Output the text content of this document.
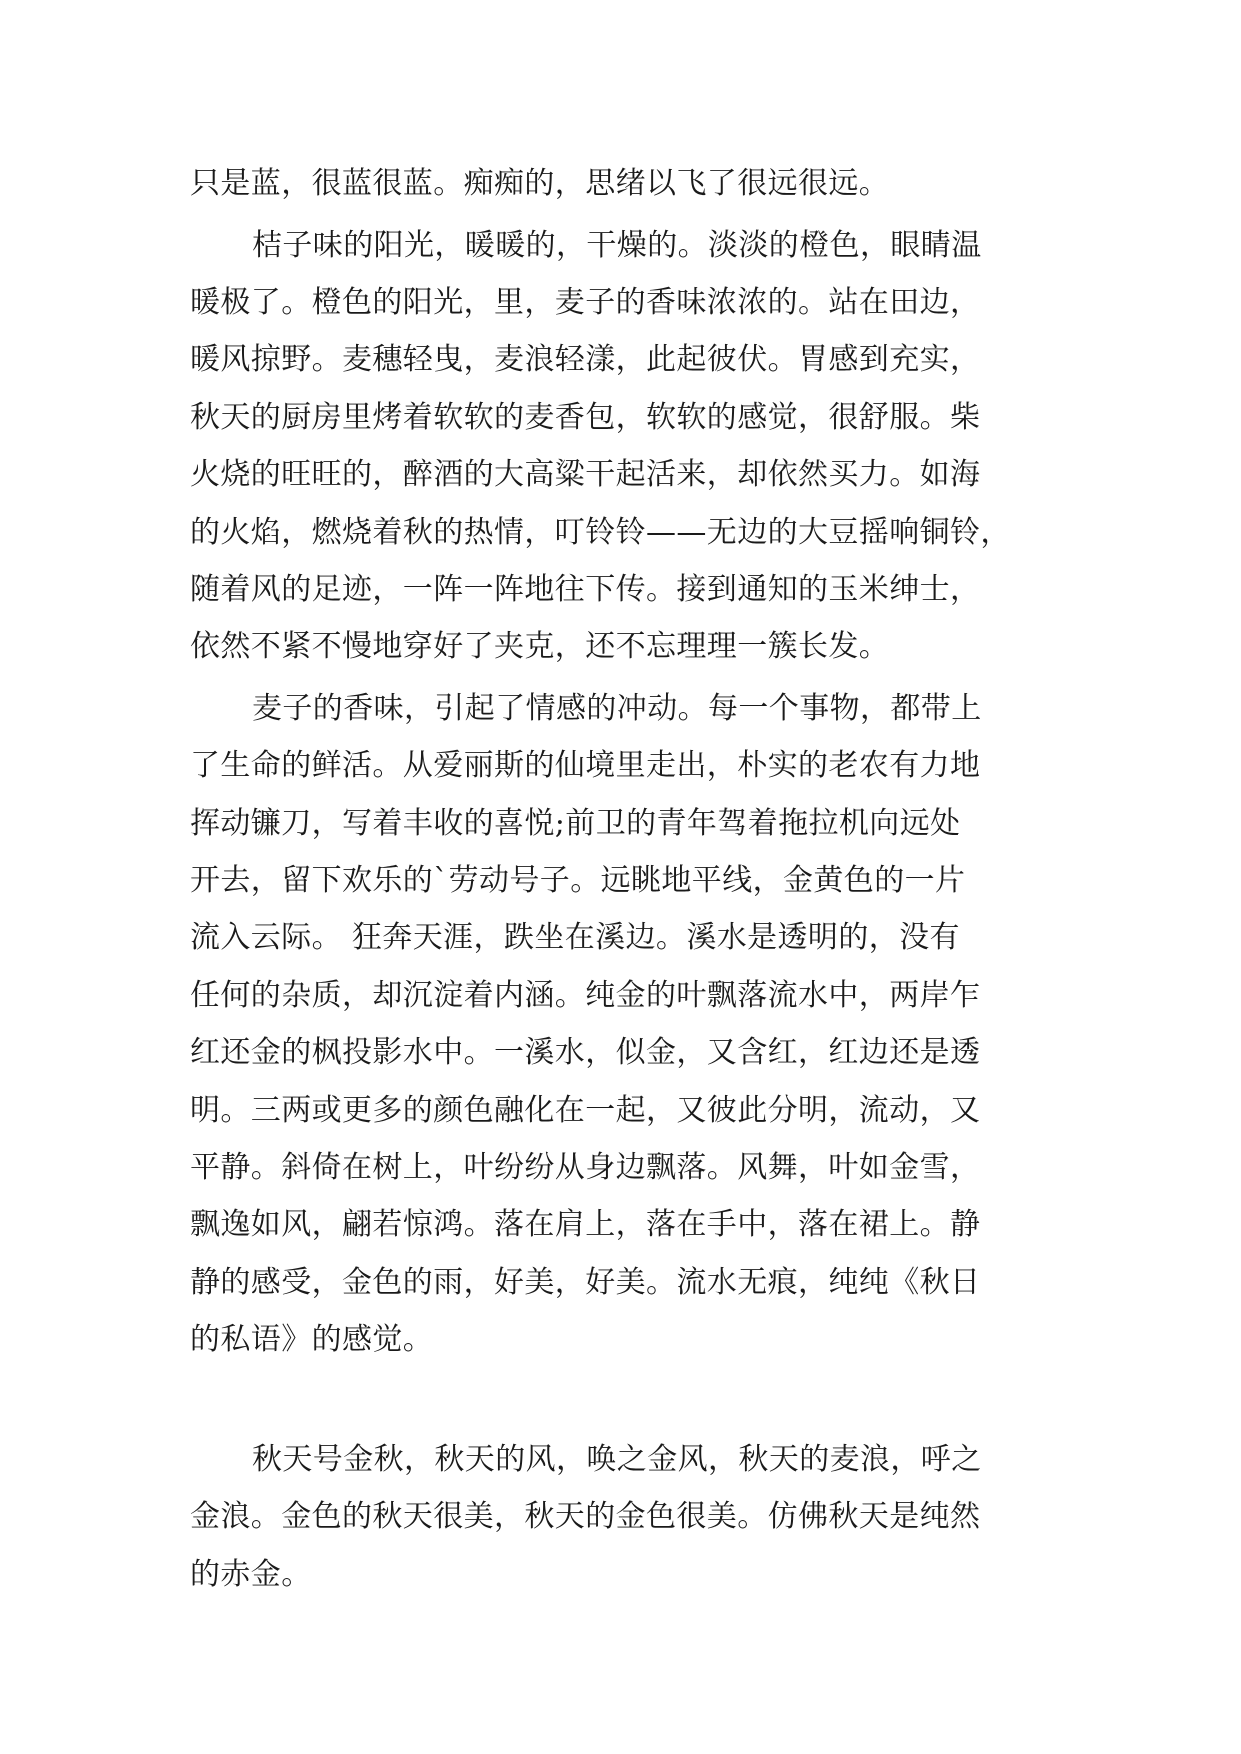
只是蓝，很蓝很蓝。痴痴的，思绪以飞了很远很远。
桔子味的阳光，暖暖的，干燥的。淡淡的橙色，眼睛温
暖极了。橙色的阳光，里，麦子的香味浓浓的。站在田边，
暖风掠野。麦穗轻曳，麦浪轻漾，此起彼伏。胃感到充实，
秋天的厨房里烤着软软的麦香包，软软的感觉，很舒服。柴
火烧的旺旺的，醉酒的大高粱干起活来，却依然买力。如海
的火焰，燃烧着秋的热情，叮铃铃——无边的大豆摇响铜铃，
随着风的足迹，一阵一阵地往下传。接到通知的玉米绅士，
依然不紧不慢地穿好了夹克，还不忘理理一簇长发。
麦子的香味，引起了情感的冲动。每一个事物，都带上
了生命的鲜活。从爱丽斯的仙境里走出，朴实的老农有力地
挥动镰刀，写着丰收的喜悦;前卫的青年驾着拖拉机向远处
开去，留下欢乐的`劳动号子。远眺地平线，金黄色的一片
流入云际。 狂奔天涯，跌坐在溪边。溪水是透明的，没有
任何的杂质，却沉淀着内涵。纯金的叶飘落流水中，两岸乍
红还金的枫投影水中。一溪水，似金，又含红，红边还是透
明。三两或更多的颜色融化在一起，又彼此分明，流动，又
平静。斜倚在树上，叶纷纷从身边飘落。风舞，叶如金雪，
飘逸如风，翩若惊鸿。落在肩上，落在手中，落在裙上。静
静的感受，金色的雨，好美，好美。流水无痕，纯纯《秋日
的私语》的感觉。
秋天号金秋，秋天的风，唤之金风，秋天的麦浪，呼之
金浪。金色的秋天很美，秋天的金色很美。仿佛秋天是纯然
的赤金。
